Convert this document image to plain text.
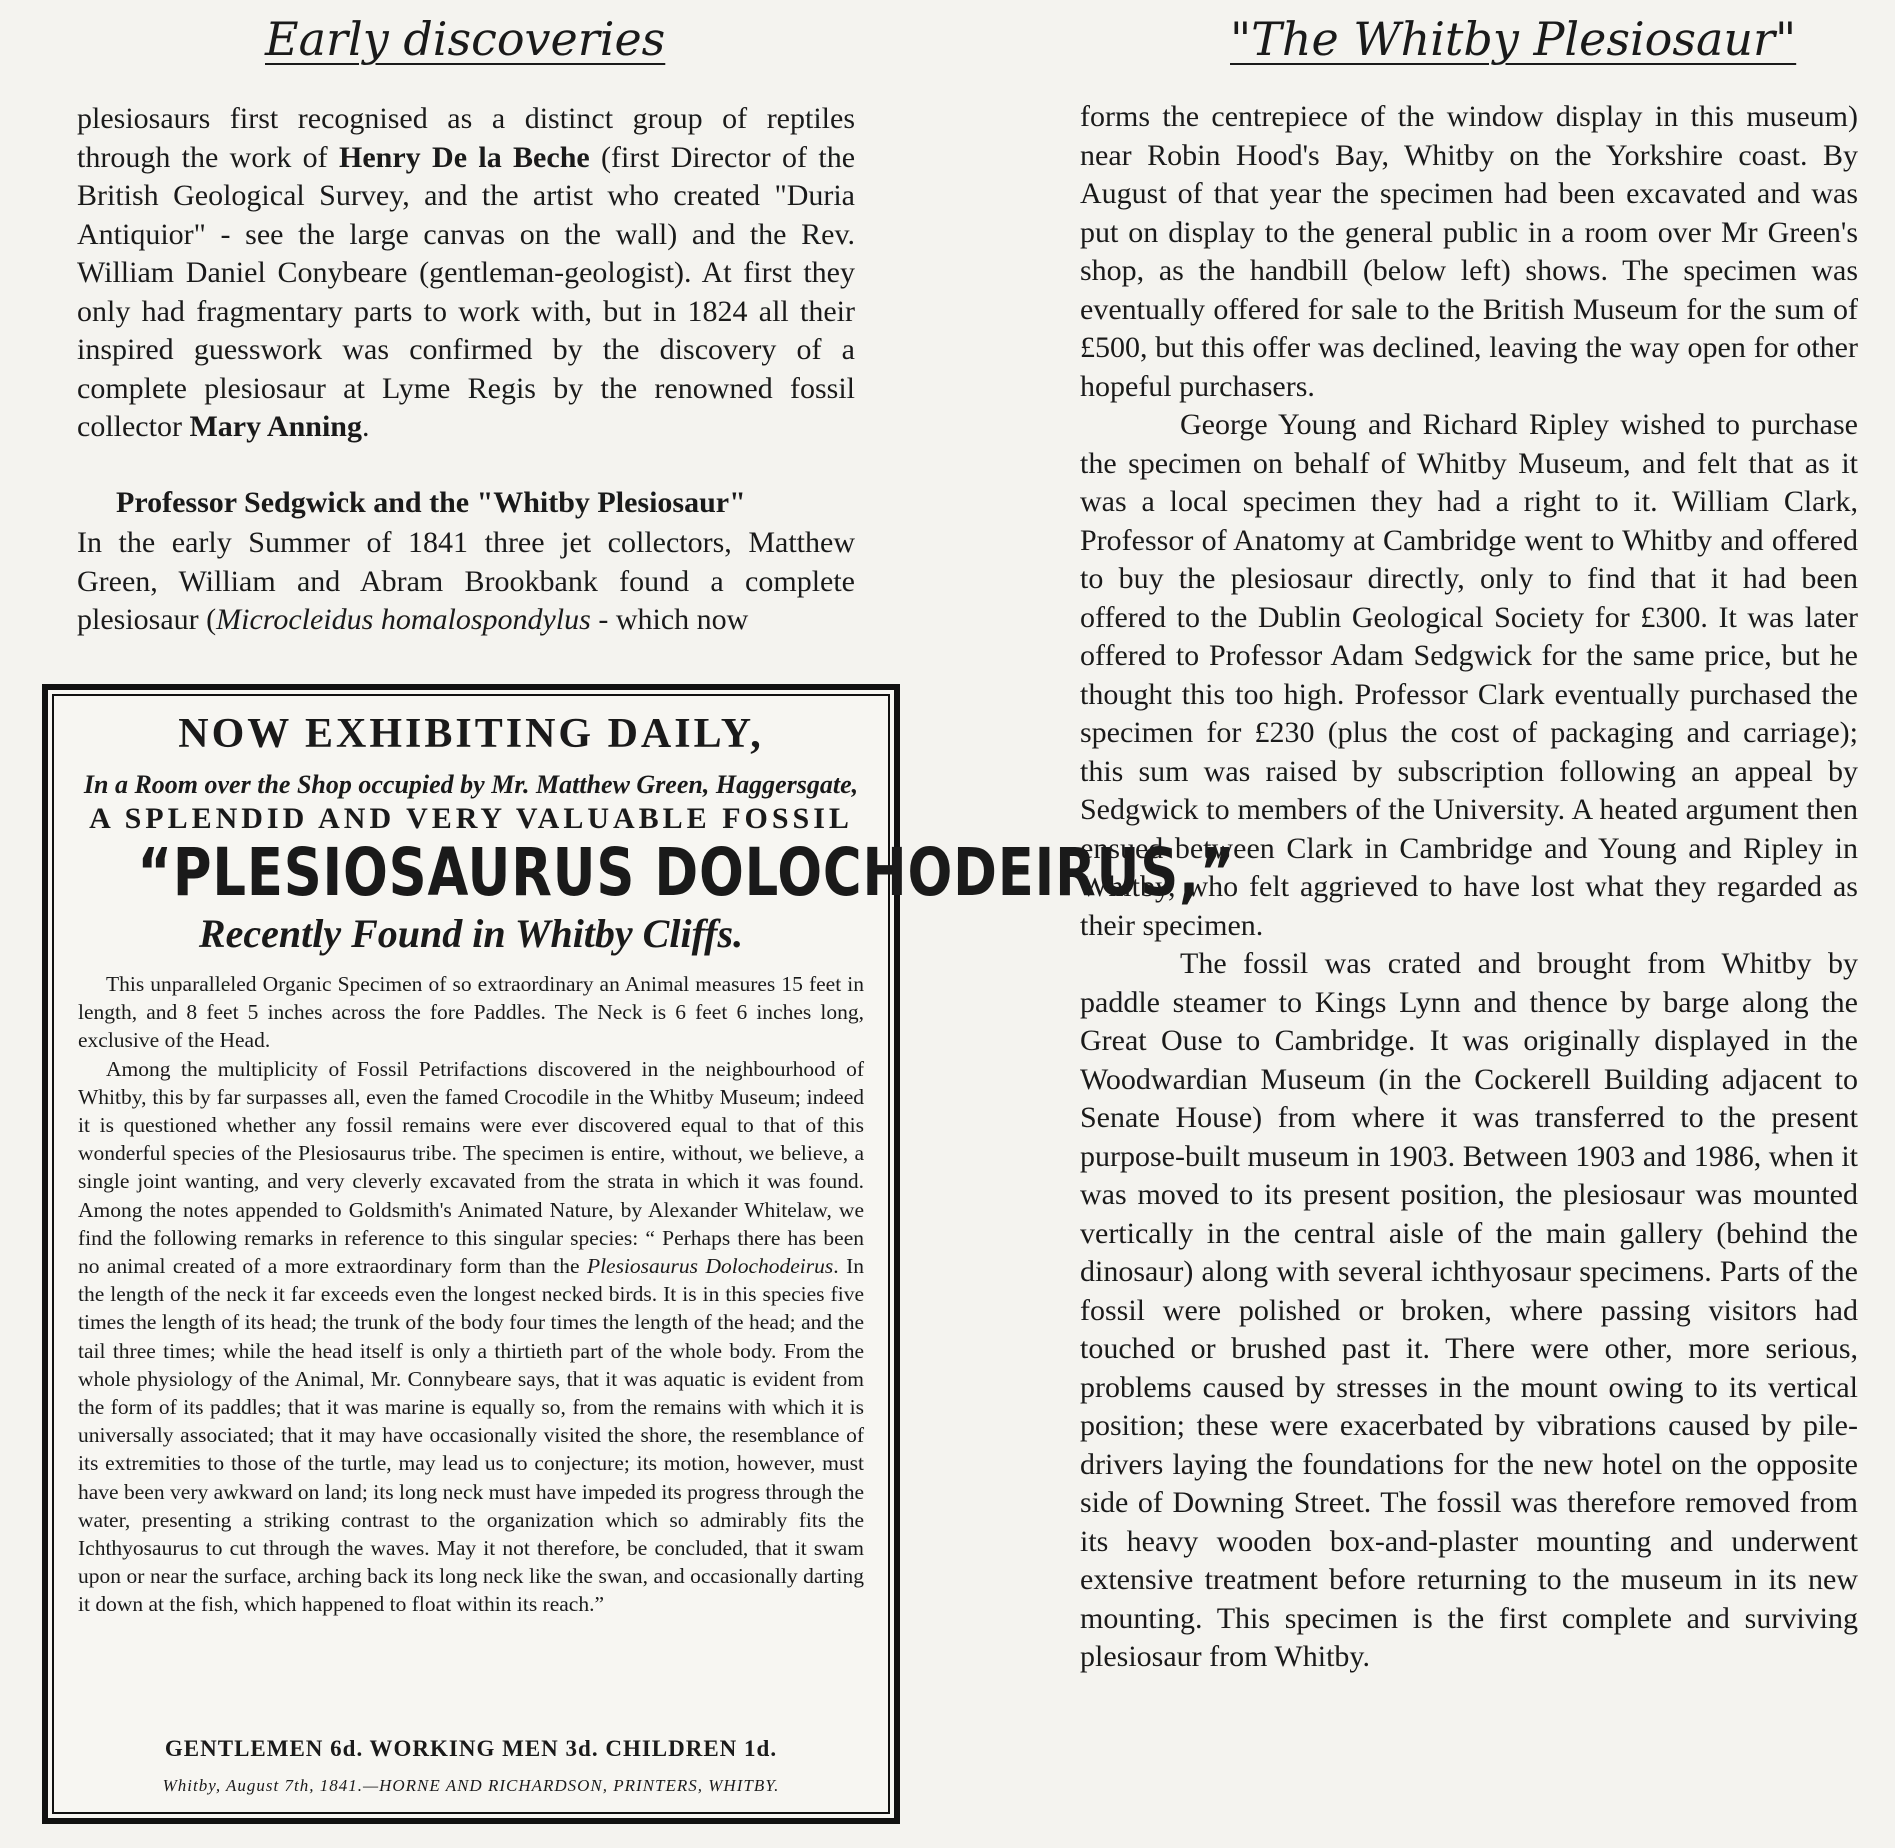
Early discoveries

plesiosaurs first recognised as a distinct group of reptiles through the work of Henry De la Beche (first Director of the British Geological Survey, and the artist who created "Duria Antiquior" - see the large canvas on the wall) and the Rev. William Daniel Conybeare (gentleman-geologist). At first they only had fragmentary parts to work with, but in 1824 all their inspired guesswork was confirmed by the discovery of a complete plesiosaur at Lyme Regis by the renowned fossil collector Mary Anning.

Professor Sedgwick and the "Whitby Plesiosaur"

In the early Summer of 1841 three jet collectors, Matthew Green, William and Abram Brookbank found a complete plesiosaur (Microcleidus homalospondylus - which now

NOW EXHIBITING DAILY,

In a Room over the Shop occupied by Mr. Matthew Green, Haggersgate,

A SPLENDID AND VERY VALUABLE FOSSIL

“PLESIOSAURUS DOLOCHODEIRUS,”

Recently Found in Whitby Cliffs.

This unparalleled Organic Specimen of so extraordinary an Animal measures 15 feet in length, and 8 feet 5 inches across the fore Paddles. The Neck is 6 feet 6 inches long, exclusive of the Head.

Among the multiplicity of Fossil Petrifactions discovered in the neighbourhood of Whitby, this by far surpasses all, even the famed Crocodile in the Whitby Museum; indeed it is questioned whether any fossil remains were ever discovered equal to that of this wonderful species of the Plesiosaurus tribe. The specimen is entire, without, we believe, a single joint wanting, and very cleverly excavated from the strata in which it was found. Among the notes appended to Goldsmith's Animated Nature, by Alexander Whitelaw, we find the following remarks in reference to this singular species: “ Perhaps there has been no animal created of a more extraordinary form than the Plesiosaurus Dolochodeirus. In the length of the neck it far exceeds even the longest necked birds. It is in this species five times the length of its head; the trunk of the body four times the length of the head; and the tail three times; while the head itself is only a thirtieth part of the whole body. From the whole physiology of the Animal, Mr. Connybeare says, that it was aquatic is evident from the form of its paddles; that it was marine is equally so, from the remains with which it is universally associated; that it may have occasionally visited the shore, the resemblance of its extremities to those of the turtle, may lead us to conjecture; its motion, however, must have been very awkward on land; its long neck must have impeded its progress through the water, presenting a striking contrast to the organization which so admirably fits the Ichthyosaurus to cut through the waves. May it not therefore, be concluded, that it swam upon or near the surface, arching back its long neck like the swan, and occasionally darting it down at the fish, which happened to float within its reach.”

GENTLEMEN 6d. WORKING MEN 3d. CHILDREN 1d.

Whitby, August 7th, 1841.—HORNE AND RICHARDSON, PRINTERS, WHITBY.

"The Whitby Plesiosaur"

forms the centrepiece of the window display in this museum) near Robin Hood's Bay, Whitby on the Yorkshire coast. By August of that year the specimen had been excavated and was put on display to the general public in a room over Mr Green's shop, as the handbill (below left) shows. The specimen was eventually offered for sale to the British Museum for the sum of £500, but this offer was declined, leaving the way open for other hopeful purchasers.

George Young and Richard Ripley wished to purchase the specimen on behalf of Whitby Museum, and felt that as it was a local specimen they had a right to it. William Clark, Professor of Anatomy at Cambridge went to Whitby and offered to buy the plesiosaur directly, only to find that it had been offered to the Dublin Geological Society for £300. It was later offered to Professor Adam Sedgwick for the same price, but he thought this too high. Professor Clark eventually purchased the specimen for £230 (plus the cost of packaging and carriage); this sum was raised by subscription following an appeal by Sedgwick to members of the University. A heated argument then ensued between Clark in Cambridge and Young and Ripley in Whitby, who felt aggrieved to have lost what they regarded as their specimen.

The fossil was crated and brought from Whitby by paddle steamer to Kings Lynn and thence by barge along the Great Ouse to Cambridge. It was originally displayed in the Woodwardian Museum (in the Cockerell Building adjacent to Senate House) from where it was transferred to the present purpose-built museum in 1903. Between 1903 and 1986, when it was moved to its present position, the plesiosaur was mounted vertically in the central aisle of the main gallery (behind the dinosaur) along with several ichthyosaur specimens. Parts of the fossil were polished or broken, where passing visitors had touched or brushed past it. There were other, more serious, problems caused by stresses in the mount owing to its vertical position; these were exacerbated by vibrations caused by pile-drivers laying the foundations for the new hotel on the opposite side of Downing Street. The fossil was therefore removed from its heavy wooden box-and-plaster mounting and underwent extensive treatment before returning to the museum in its new mounting. This specimen is the first complete and surviving plesiosaur from Whitby.
